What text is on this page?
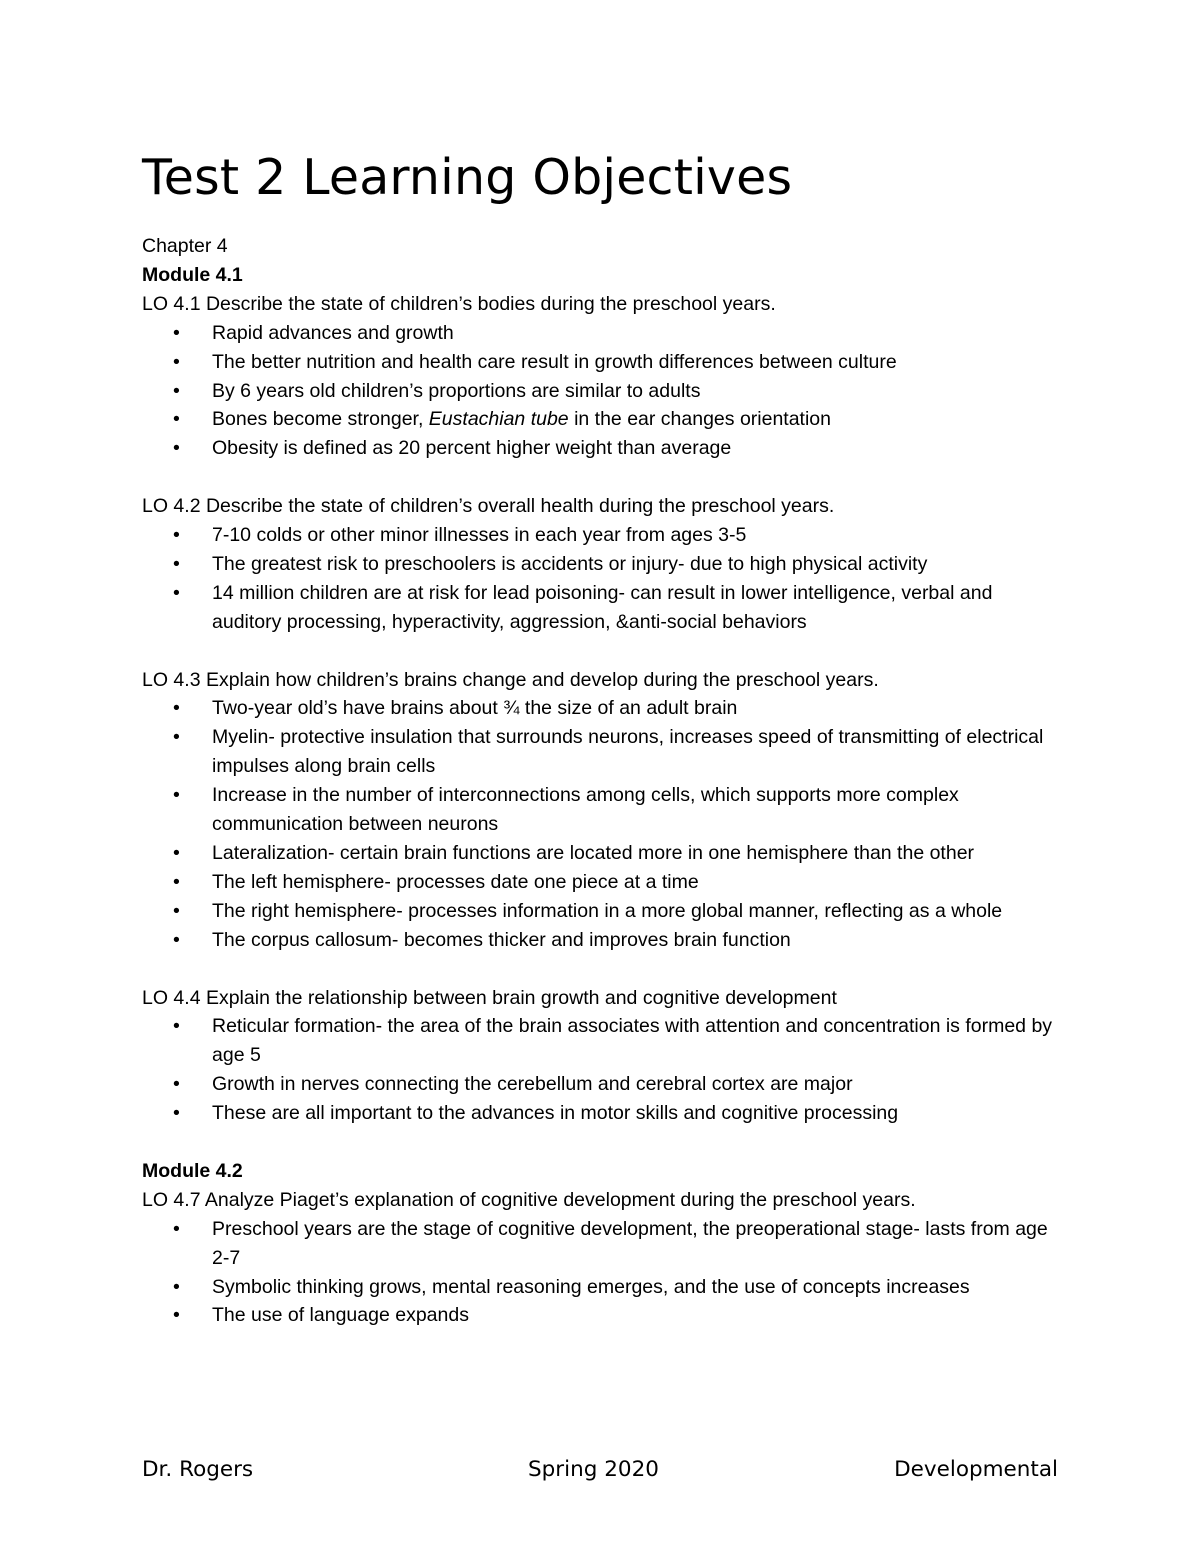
Test 2 Learning Objectives

Chapter 4

Module 4.1

LO 4.1 Describe the state of children’s bodies during the preschool years.

• Rapid advances and growth
• The better nutrition and health care result in growth differences between culture
• By 6 years old children’s proportions are similar to adults
• Bones become stronger, Eustachian tube in the ear changes orientation
• Obesity is defined as 20 percent higher weight than average

LO 4.2 Describe the state of children’s overall health during the preschool years.

• 7-10 colds or other minor illnesses in each year from ages 3-5
• The greatest risk to preschoolers is accidents or injury- due to high physical activity
• 14 million children are at risk for lead poisoning- can result in lower intelligence, verbal and auditory processing, hyperactivity, aggression, &anti-social behaviors

LO 4.3 Explain how children’s brains change and develop during the preschool years.

• Two-year old’s have brains about ¾ the size of an adult brain
• Myelin- protective insulation that surrounds neurons, increases speed of transmitting of electrical impulses along brain cells
• Increase in the number of interconnections among cells, which supports more complex communication between neurons
• Lateralization- certain brain functions are located more in one hemisphere than the other
• The left hemisphere- processes date one piece at a time
• The right hemisphere- processes information in a more global manner, reflecting as a whole
• The corpus callosum- becomes thicker and improves brain function

LO 4.4 Explain the relationship between brain growth and cognitive development

• Reticular formation- the area of the brain associates with attention and concentration is formed by age 5
• Growth in nerves connecting the cerebellum and cerebral cortex are major
• These are all important to the advances in motor skills and cognitive processing

Module 4.2

LO 4.7 Analyze Piaget’s explanation of cognitive development during the preschool years.

• Preschool years are the stage of cognitive development, the preoperational stage- lasts from age 2-7
• Symbolic thinking grows, mental reasoning emerges, and the use of concepts increases
• The use of language expands
Dr. Rogers	Spring 2020	Developmental
